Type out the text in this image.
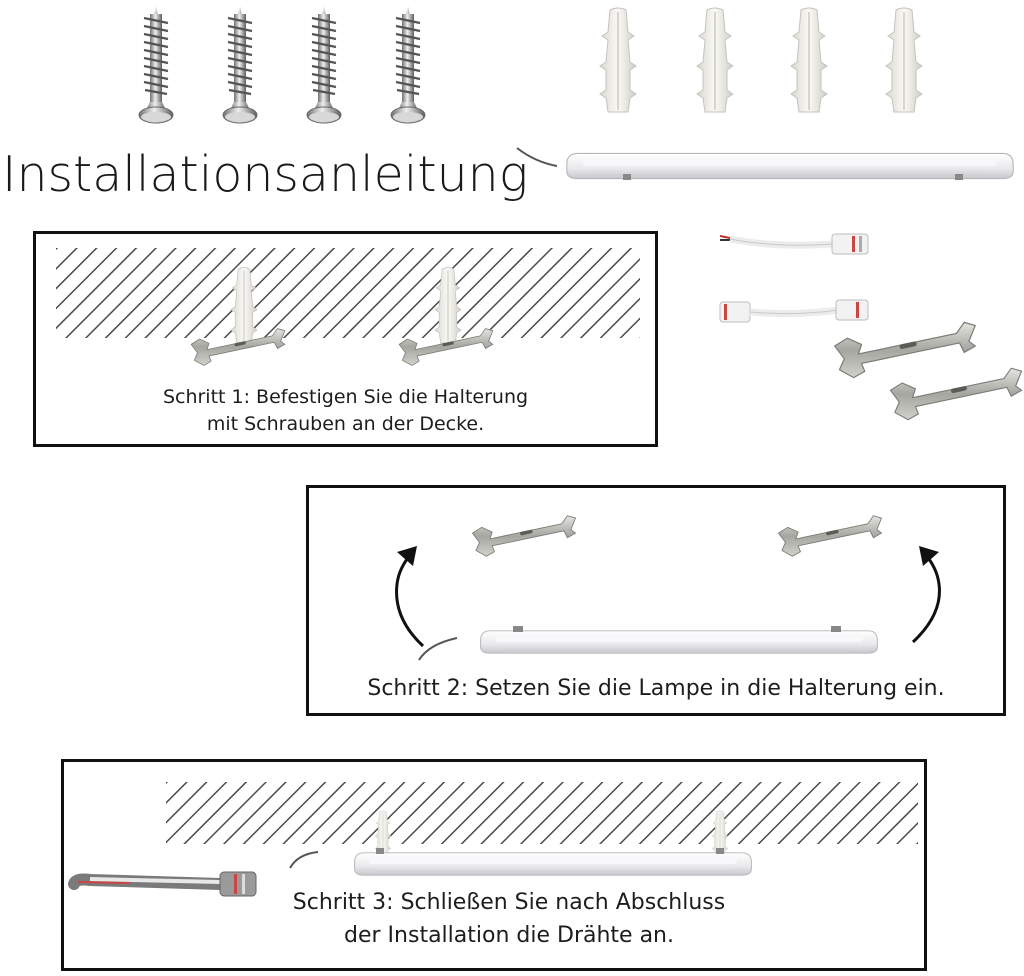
Installationsanleitung
Schritt 1: Befestigen Sie die Halterung
mit Schrauben an der Decke.
Schritt 2: Setzen Sie die Lampe in die Halterung ein.
Schritt 3: Schließen Sie nach Abschluss
der Installation die Drähte an.
